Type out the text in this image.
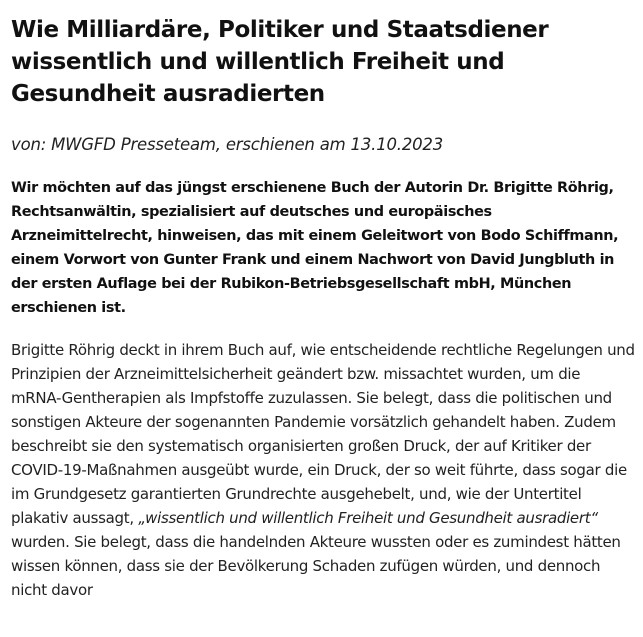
Wie Milliardäre, Politiker und Staatsdiener wissentlich und willentlich Freiheit und Gesundheit ausradierten

von: MWGFD Presseteam, erschienen am 13.10.2023

Wir möchten auf das jüngst erschienene Buch der Autorin Dr. Brigitte Röhrig, Rechtsanwältin, spezialisiert auf deutsches und europäisches Arzneimittelrecht, hinweisen, das mit einem Geleitwort von Bodo Schiffmann, einem Vorwort von Gunter Frank und einem Nachwort von David Jungbluth in der ersten Auflage bei der Rubikon-Betriebsgesellschaft mbH, München erschienen ist.

Brigitte Röhrig deckt in ihrem Buch auf, wie entscheidende rechtliche Regelungen und Prinzipien der Arzneimittelsicherheit geändert bzw. missachtet wurden, um die mRNA-Gentherapien als Impfstoffe zuzulassen. Sie belegt, dass die politischen und sonstigen Akteure der sogenannten Pandemie vorsätzlich gehandelt haben. Zudem beschreibt sie den systematisch organisierten großen Druck, der auf Kritiker der COVID-19-Maßnahmen ausgeübt wurde, ein Druck, der so weit führte, dass sogar die im Grundgesetz garantierten Grundrechte ausgehebelt, und, wie der Untertitel plakativ aussagt, „wissentlich und willentlich Freiheit und Gesundheit ausradiert“ wurden. Sie belegt, dass die handelnden Akteure wussten oder es zumindest hätten wissen können, dass sie der Bevölkerung Schaden zufügen würden, und dennoch nicht davor
